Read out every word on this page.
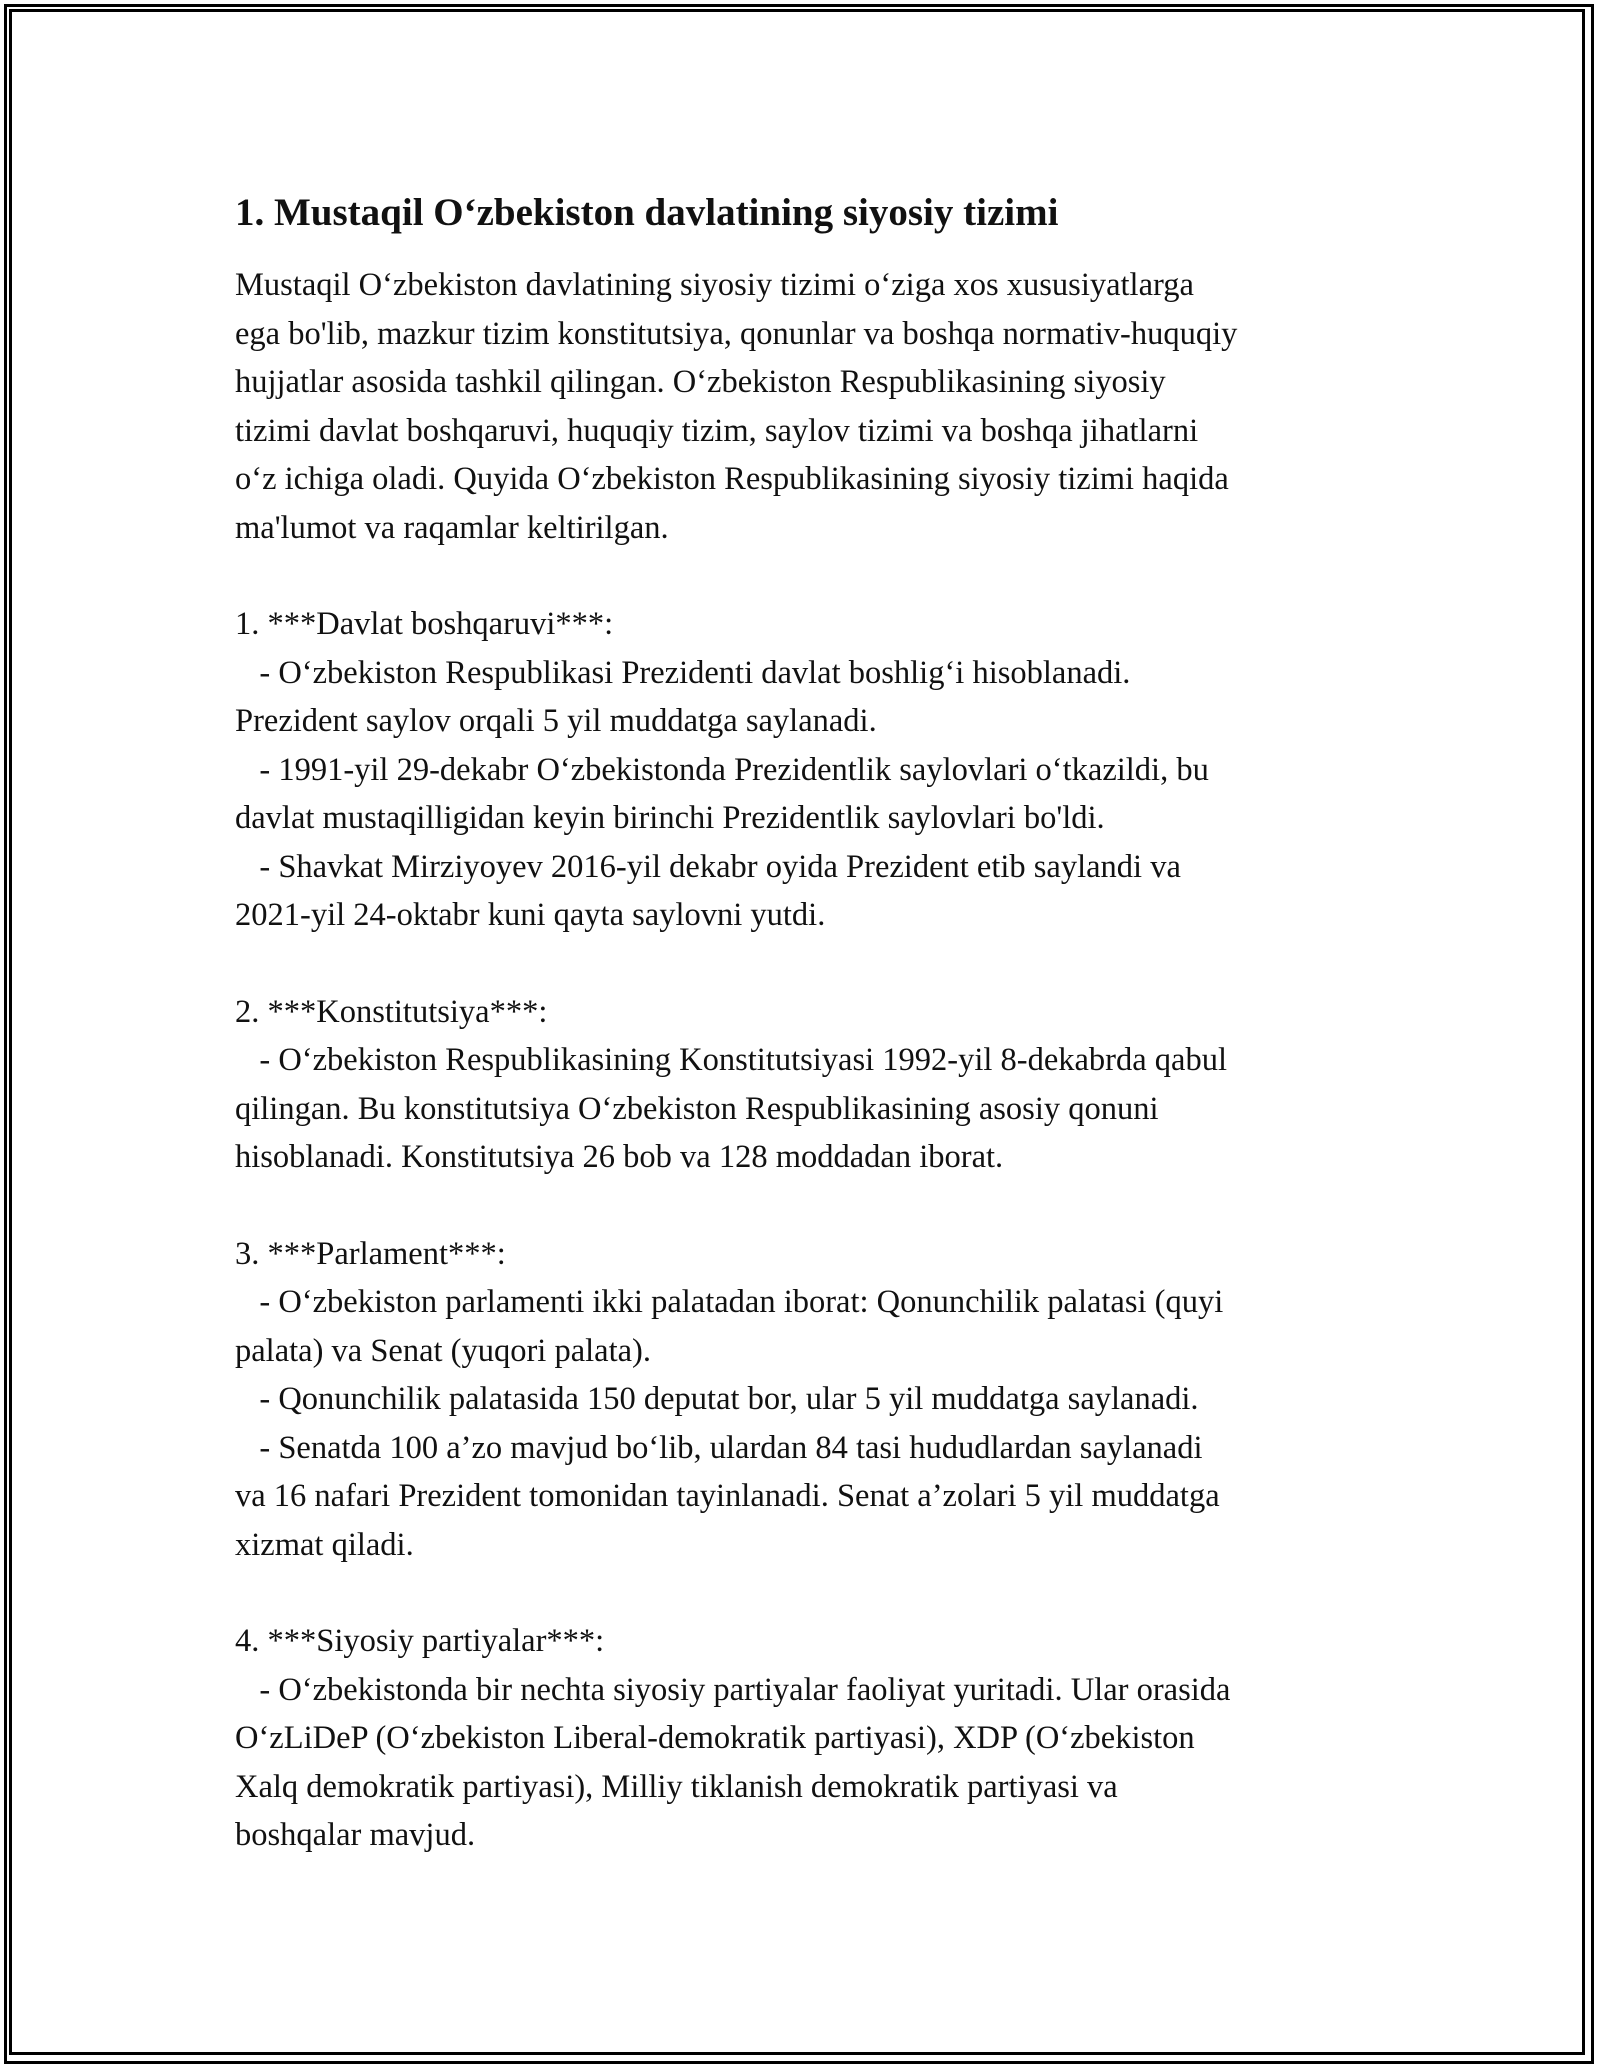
1. Mustaqil O‘zbekiston davlatining siyosiy tizimi

Mustaqil O‘zbekiston davlatining siyosiy tizimi o‘ziga xos xususiyatlarga
ega bo'lib, mazkur tizim konstitutsiya, qonunlar va boshqa normativ-huquqiy
hujjatlar asosida tashkil qilingan. O‘zbekiston Respublikasining siyosiy
tizimi davlat boshqaruvi, huquqiy tizim, saylov tizimi va boshqa jihatlarni
o‘z ichiga oladi. Quyida O‘zbekiston Respublikasining siyosiy tizimi haqida
ma'lumot va raqamlar keltirilgan.

1. ***Davlat boshqaruvi***:

- O‘zbekiston Respublikasi Prezidenti davlat boshlig‘i hisoblanadi.
Prezident saylov orqali 5 yil muddatga saylanadi.
- 1991-yil 29-dekabr O‘zbekistonda Prezidentlik saylovlari o‘tkazildi, bu
davlat mustaqilligidan keyin birinchi Prezidentlik saylovlari bo'ldi.
- Shavkat Mirziyoyev 2016-yil dekabr oyida Prezident etib saylandi va
2021-yil 24-oktabr kuni qayta saylovni yutdi.

2. ***Konstitutsiya***:

- O‘zbekiston Respublikasining Konstitutsiyasi 1992-yil 8-dekabrda qabul
qilingan. Bu konstitutsiya O‘zbekiston Respublikasining asosiy qonuni
hisoblanadi. Konstitutsiya 26 bob va 128 moddadan iborat.

3. ***Parlament***:

- O‘zbekiston parlamenti ikki palatadan iborat: Qonunchilik palatasi (quyi
palata) va Senat (yuqori palata).
- Qonunchilik palatasida 150 deputat bor, ular 5 yil muddatga saylanadi.
- Senatda 100 a’zo mavjud bo‘lib, ulardan 84 tasi hududlardan saylanadi
va 16 nafari Prezident tomonidan tayinlanadi. Senat a’zolari 5 yil muddatga
xizmat qiladi.

4. ***Siyosiy partiyalar***:

- O‘zbekistonda bir nechta siyosiy partiyalar faoliyat yuritadi. Ular orasida
O‘zLiDeP (O‘zbekiston Liberal-demokratik partiyasi), XDP (O‘zbekiston
Xalq demokratik partiyasi), Milliy tiklanish demokratik partiyasi va
boshqalar mavjud.
